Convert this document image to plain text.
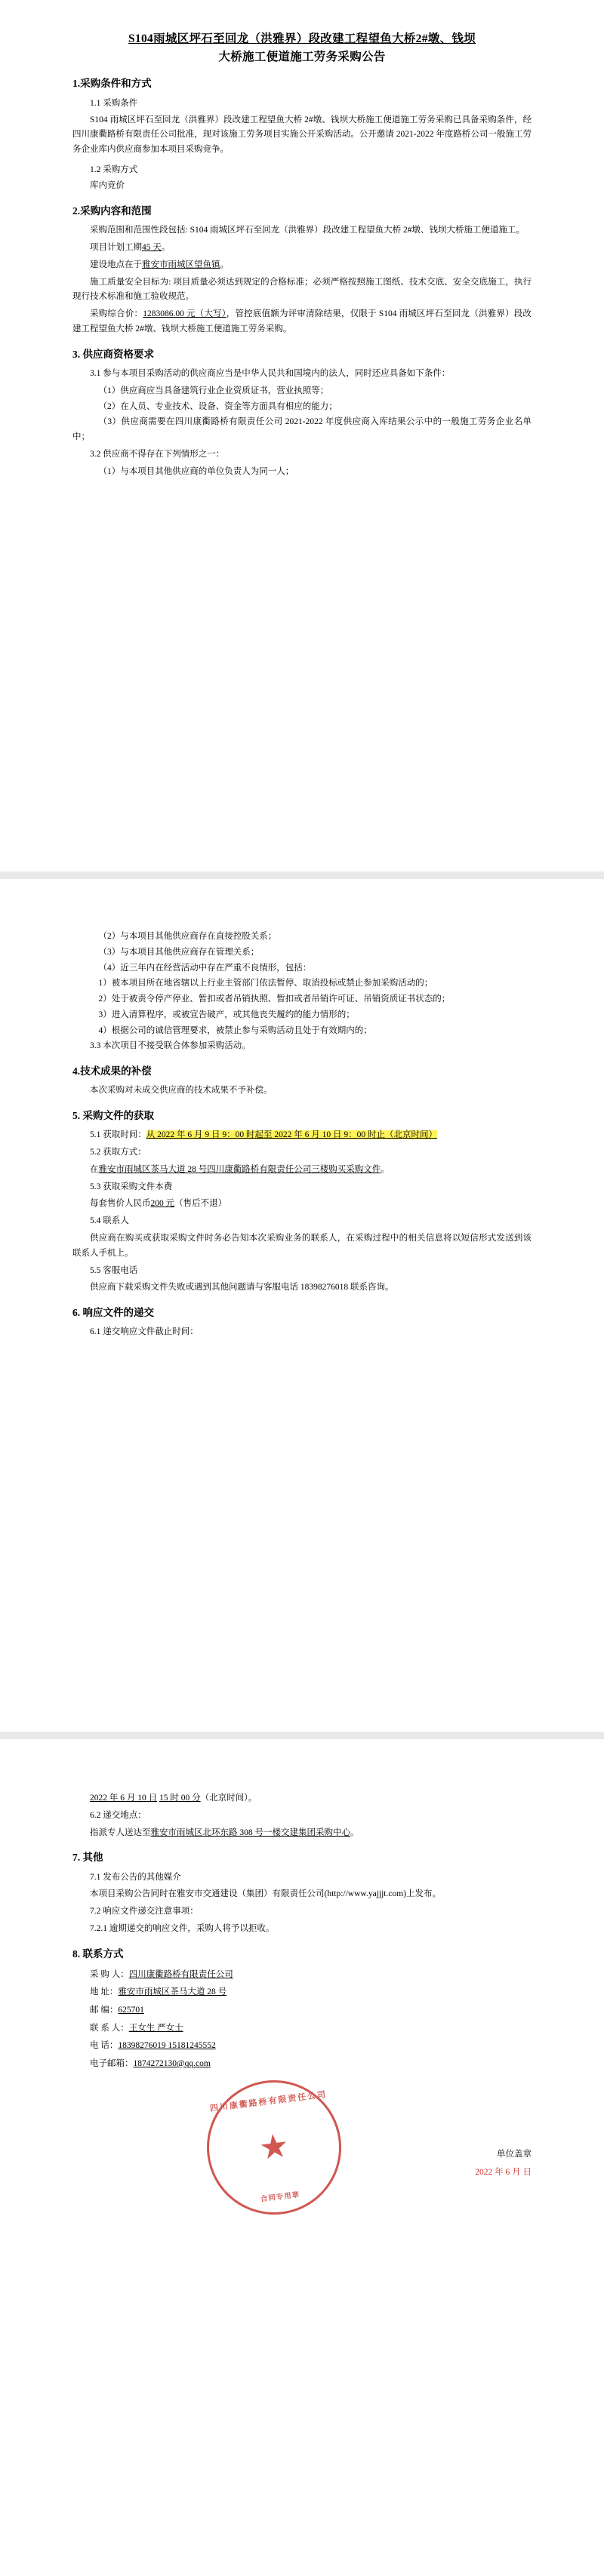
S104雨城区坪石至回龙（洪雅界）段改建工程望鱼大桥2#墩、钱坝
大桥施工便道施工劳务采购公告
1.采购条件和方式
1.1 采购条件

S104 雨城区坪石至回龙（洪雅界）段改建工程望鱼大桥 2#墩、钱坝大桥施工便道施工劳务采购已具备采购条件，经四川康衢路桥有限责任公司批准，现对该施工劳务项目实施公开采购活动。公开邀请 2021-2022 年度路桥公司一般施工劳务企业库内供应商参加本项目采购竞争。

1.2 采购方式

库内竞价

2.采购内容和范围

采购范围和范围性段包括: S104 雨城区坪石至回龙（洪雅界）段改建工程望鱼大桥 2#墩、钱坝大桥施工便道施工。

项目计划工期45 天。

建设地点在于雅安市雨城区望鱼镇。

施工质量安全目标为: 项目质量必须达到规定的合格标准；必须严格按照施工图纸、技术交底、安全交底施工，执行现行技术标准和施工验收规范。

采购综合价：1283086.00 元（大写），管控底值额为评审清除结果，仅限于 S104 雨城区坪石至回龙（洪雅界）段改建工程望鱼大桥 2#墩、钱坝大桥施工便道施工劳务采购。

3. 供应商资格要求

3.1 参与本项目采购活动的供应商应当是中华人民共和国境内的法人，同时还应具备如下条件：

（1）供应商应当具备建筑行业企业资质证书，营业执照等；

（2）在人员、专业技术、设备、资金等方面具有相应的能力；

（3）供应商需要在四川康衢路桥有限责任公司 2021-2022 年度供应商入库结果公示中的一般施工劳务企业名单中；

3.2 供应商不得存在下列情形之一：

（1）与本项目其他供应商的单位负责人为同一人；

（2）与本项目其他供应商存在直接控股关系；

（3）与本项目其他供应商存在管理关系；

（4）近三年内在经营活动中存在严重不良情形，包括：

1）被本项目所在地省辖以上行业主管部门依法暂停、取消投标或禁止参加采购活动的；

2）处于被责令停产停业、暂扣或者吊销执照、暂扣或者吊销许可证、吊销资质证书状态的；

3）进入清算程序，或被宣告破产，或其他丧失履约的能力情形的；

4）根据公司的诚信管理要求，被禁止参与采购活动且处于有效期内的；

3.3 本次项目不接受联合体参加采购活动。

4.技术成果的补偿

本次采购对未成交供应商的技术成果不予补偿。

5. 采购文件的获取

5.1 获取时间：从 2022 年 6 月 9 日 9：00 时起至 2022 年 6 月 10 日 9：00 时止（北京时间）

5.2 获取方式：

在雅安市雨城区茶马大道 28 号四川康衢路桥有限责任公司三楼购买采购文件。

5.3 获取采购文件本费

每套售价人民币200 元（售后不退）

5.4 联系人

供应商在购买或获取采购文件时务必告知本次采购业务的联系人，在采购过程中的相关信息将以短信形式发送到该联系人手机上。

5.5 客服电话

供应商下载采购文件失败或遇到其他问题请与客服电话 18398276018 联系咨询。

6. 响应文件的递交

6.1 递交响应文件截止时间：

2022 年 6 月 10 日 15 时 00 分（北京时间）。

6.2 递交地点：

指派专人送达至雅安市雨城区北环东路 308 号一楼交建集团采购中心。

7. 其他

7.1 发布公告的其他媒介

本项目采购公告同时在雅安市交通建设（集团）有限责任公司(http://www.yajjjt.com)上发布。

7.2 响应文件递交注意事项：

7.2.1 逾期递交的响应文件，采购人将予以拒收。

8. 联系方式

采 购 人：四川康衢路桥有限责任公司

地 址：雅安市雨城区茶马大道 28 号

邮 编：625701

联 系 人：王女生 严女士

电 话：18398276019 15181245552

电子邮箱：1874272130@qq.com

四川康衢路桥有限责任公司
★
合同专用章
单位盖章
2022 年 6 月 日
